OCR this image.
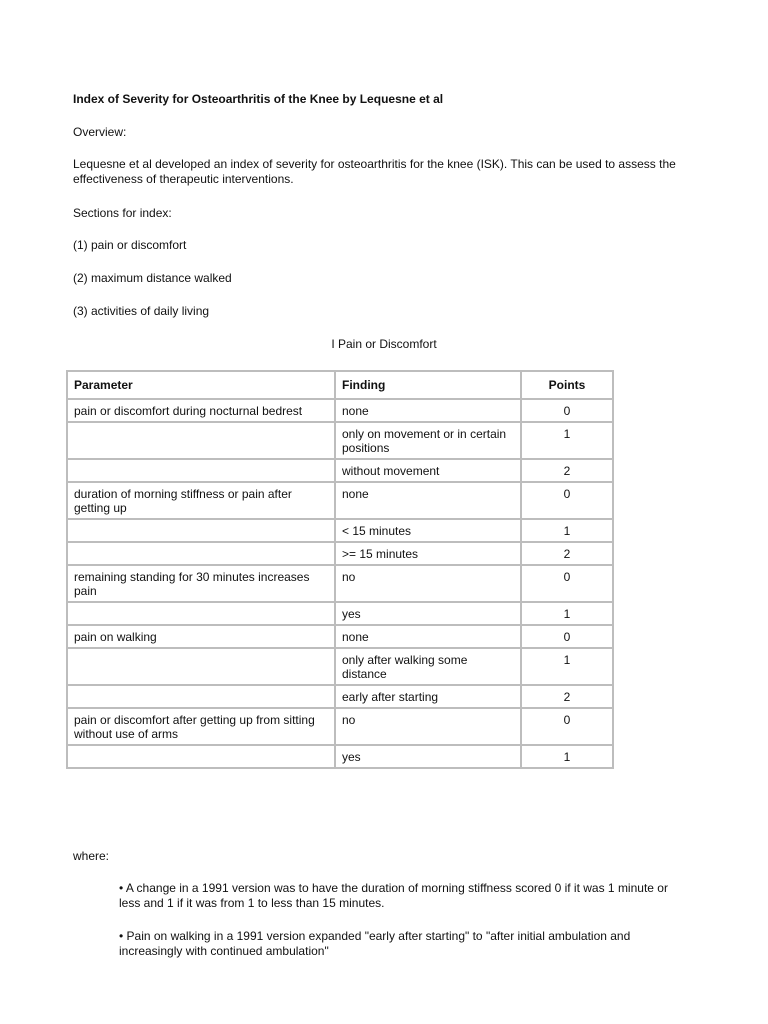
Index of Severity for Osteoarthritis of the Knee by Lequesne et al
Overview:
Lequesne et al developed an index of severity for osteoarthritis for the knee (ISK). This can be used to assess the effectiveness of therapeutic interventions.
Sections for index:
(1) pain or discomfort
(2) maximum distance walked
(3) activities of daily living
I Pain or Discomfort
Parameter	Finding	Points
pain or discomfort during nocturnal bedrest	none	0
	only on movement or in certain positions	1
	without movement	2
duration of morning stiffness or pain after getting up	none	0
	< 15 minutes	1
	>= 15 minutes	2
remaining standing for 30 minutes increases pain	no	0
	yes	1
pain on walking	none	0
	only after walking some distance	1
	early after starting	2
pain or discomfort after getting up from sitting without use of arms	no	0
	yes	1
where:
• A change in a 1991 version was to have the duration of morning stiffness scored 0 if it was 1 minute or less and 1 if it was from 1 to less than 15 minutes.
• Pain on walking in a 1991 version expanded "early after starting" to "after initial ambulation and increasingly with continued ambulation"
